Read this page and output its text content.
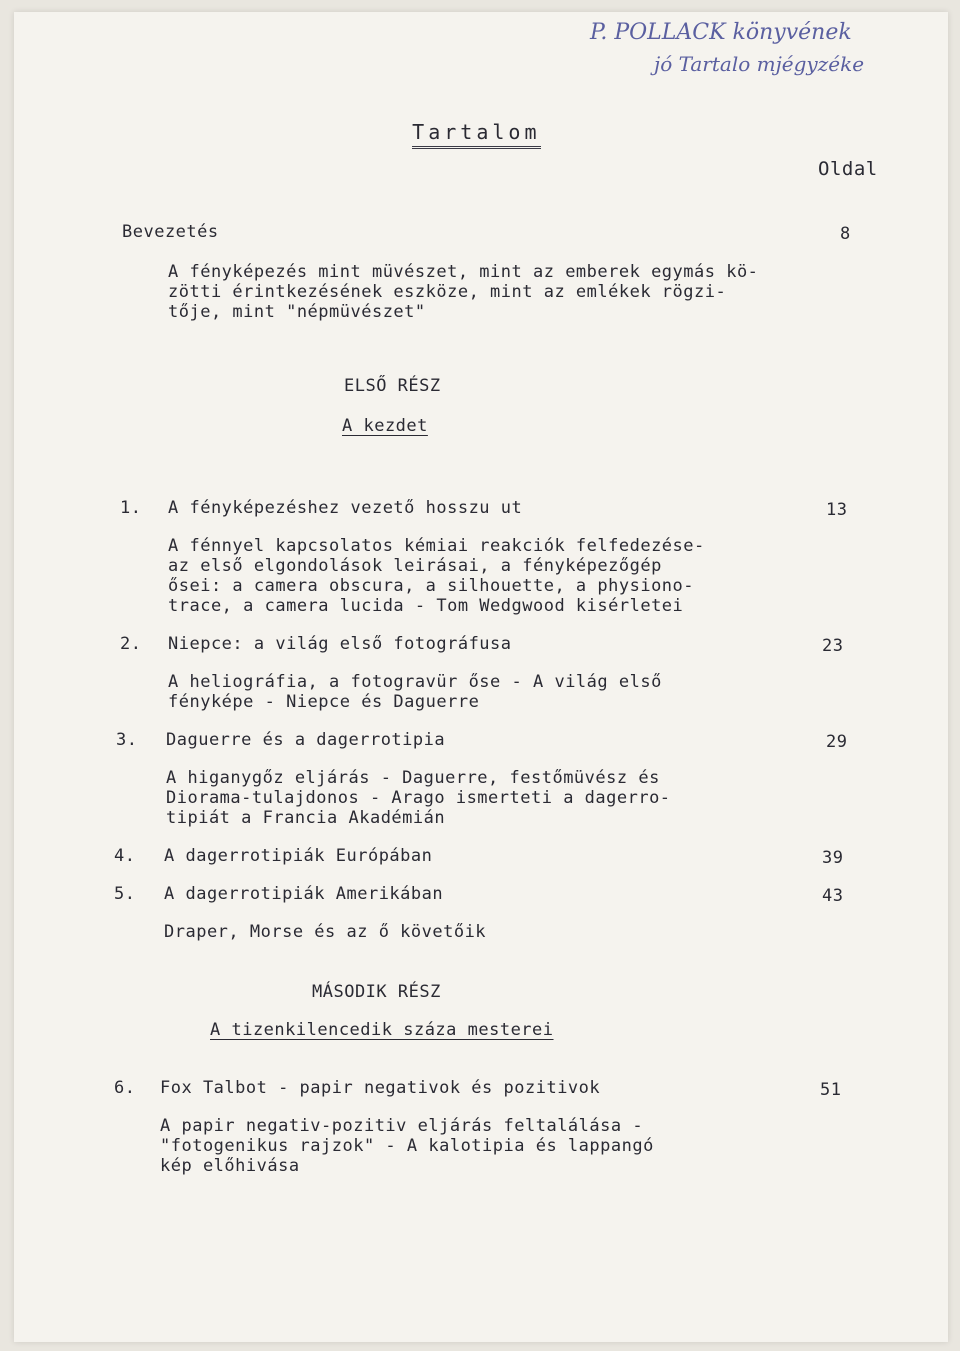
P. POLLACK könyvének
jó Tartalo mjégyzéke

Tartalom

Oldal
Bevezetés	8
A fényképezés mint müvészet, mint az emberek egymás kö-
zötti érintkezésének eszköze, mint az emlékek rögzi-
tője, mint "népmüvészet"
ELSŐ RÉSZ
A kezdet
1. A fényképezéshez vezető hosszu ut	13
A fénnyel kapcsolatos kémiai reakciók felfedezése-
az első elgondolások leirásai, a fényképezőgép
ősei: a camera obscura, a silhouette, a physiono-
trace, a camera lucida - Tom Wedgwood kisérletei
2. Niepce: a világ első fotográfusa	23
A heliográfia, a fotogravür őse - A világ első
fényképe - Niepce és Daguerre
3. Daguerre és a dagerrotipia	29
A higanygőz eljárás - Daguerre, festőmüvész és
Diorama-tulajdonos - Arago ismerteti a dagerro-
tipiát a Francia Akadémián
4. A dagerrotipiák Európában	39
5. A dagerrotipiák Amerikában	43
Draper, Morse és az ő követőik
MÁSODIK RÉSZ
A tizenkilencedik száza mesterei
6. Fox Talbot - papir negativok és pozitivok	51
A papir negativ-pozitiv eljárás feltalálása -
"fotogenikus rajzok" - A kalotipia és lappangó
kép előhivása
